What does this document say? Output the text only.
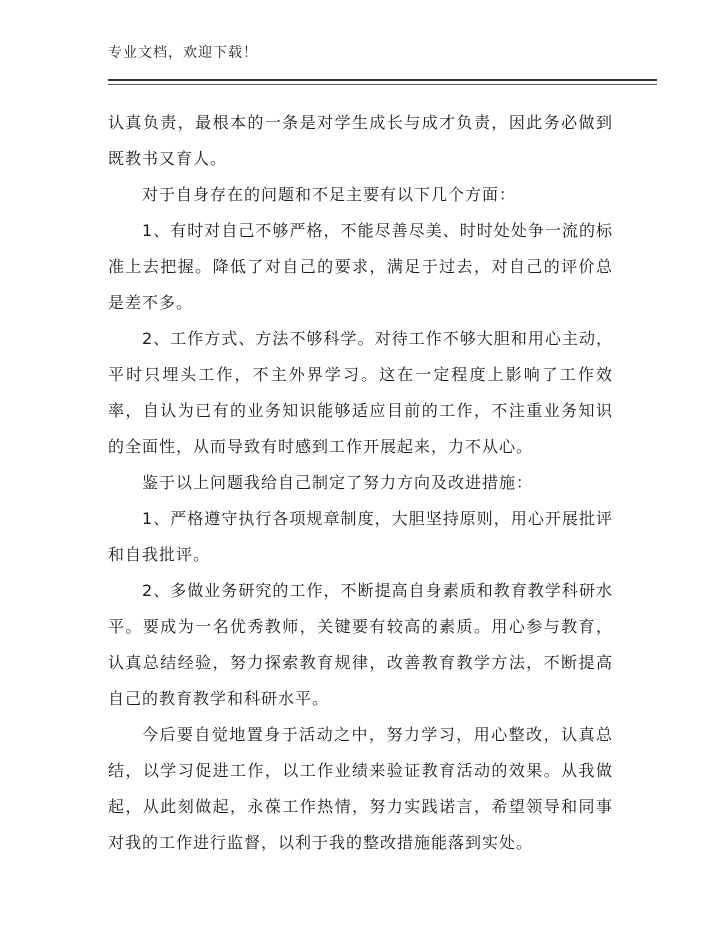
专业文档，欢迎下载！

认真负责，最根本的一条是对学生成长与成才负责，因此务必做到既教书又育人。

对于自身存在的问题和不足主要有以下几个方面：

1、有时对自己不够严格，不能尽善尽美、时时处处争一流的标准上去把握。降低了对自己的要求，满足于过去，对自己的评价总是差不多。

2、工作方式、方法不够科学。对待工作不够大胆和用心主动，平时只埋头工作，不主外界学习。这在一定程度上影响了工作效率，自认为已有的业务知识能够适应目前的工作，不注重业务知识的全面性，从而导致有时感到工作开展起来，力不从心。

鉴于以上问题我给自己制定了努力方向及改进措施：

1、严格遵守执行各项规章制度，大胆坚持原则，用心开展批评和自我批评。

2、多做业务研究的工作，不断提高自身素质和教育教学科研水平。要成为一名优秀教师，关键要有较高的素质。用心参与教育，认真总结经验，努力探索教育规律，改善教育教学方法，不断提高自己的教育教学和科研水平。

今后要自觉地置身于活动之中，努力学习，用心整改，认真总结，以学习促进工作，以工作业绩来验证教育活动的效果。从我做起，从此刻做起，永葆工作热情，努力实践诺言，希望领导和同事对我的工作进行监督，以利于我的整改措施能落到实处。
